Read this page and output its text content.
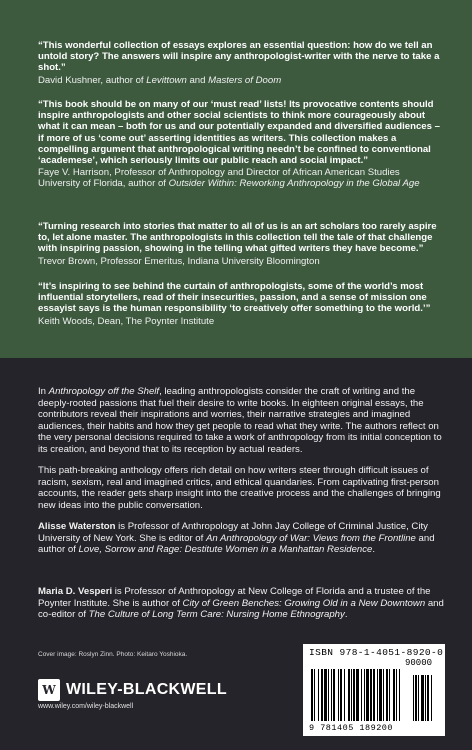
“This wonderful collection of essays explores an essential question: how do we tell an untold story? The answers will inspire any anthropologist-writer with the nerve to take a shot.”
David Kushner, author of Levittown and Masters of Doom
“This book should be on many of our ‘must read’ lists! Its provocative contents should inspire anthropologists and other social scientists to think more courageously about what it can mean – both for us and our potentially expanded and diversified audiences – if more of us ‘come out’ asserting identities as writers. This collection makes a compelling argument that anthropological writing needn’t be confined to conventional ‘academese’, which seriously limits our public reach and social impact.”
Faye V. Harrison, Professor of Anthropology and Director of African American Studies University of Florida, author of Outsider Within: Reworking Anthropology in the Global Age
“Turning research into stories that matter to all of us is an art scholars too rarely aspire to, let alone master. The anthropologists in this collection tell the tale of that challenge with inspiring passion, showing in the telling what gifted writers they have become.”
Trevor Brown, Professor Emeritus, Indiana University Bloomington
“It’s inspiring to see behind the curtain of anthropologists, some of the world’s most influential storytellers, read of their insecurities, passion, and a sense of mission one essayist says is the human responsibility ‘to creatively offer something to the world.’”
Keith Woods, Dean, The Poynter Institute
In Anthropology off the Shelf, leading anthropologists consider the craft of writing and the deeply-rooted passions that fuel their desire to write books. In eighteen original essays, the contributors reveal their inspirations and worries, their narrative strategies and imagined audiences, their habits and how they get people to read what they write. The authors reflect on the very personal decisions required to take a work of anthropology from its initial conception to its creation, and beyond that to its reception by actual readers.
This path-breaking anthology offers rich detail on how writers steer through difficult issues of racism, sexism, real and imagined critics, and ethical quandaries. From captivating first-person accounts, the reader gets sharp insight into the creative process and the challenges of bringing new ideas into the public conversation.
Alisse Waterston is Professor of Anthropology at John Jay College of Criminal Justice, City University of New York. She is editor of An Anthropology of War: Views from the Frontline and author of Love, Sorrow and Rage: Destitute Women in a Manhattan Residence.
Maria D. Vesperi is Professor of Anthropology at New College of Florida and a trustee of the Poynter Institute. She is author of City of Green Benches: Growing Old in a New Downtown and co-editor of The Culture of Long Term Care: Nursing Home Ethnography.
Cover image: Roslyn Zinn. Photo: Keitaro Yoshioka.
W WILEY-BLACKWELL
www.wiley.com/wiley-blackwell
ISBN 978-1-4051-8920-0
90000
9 781405 189200
